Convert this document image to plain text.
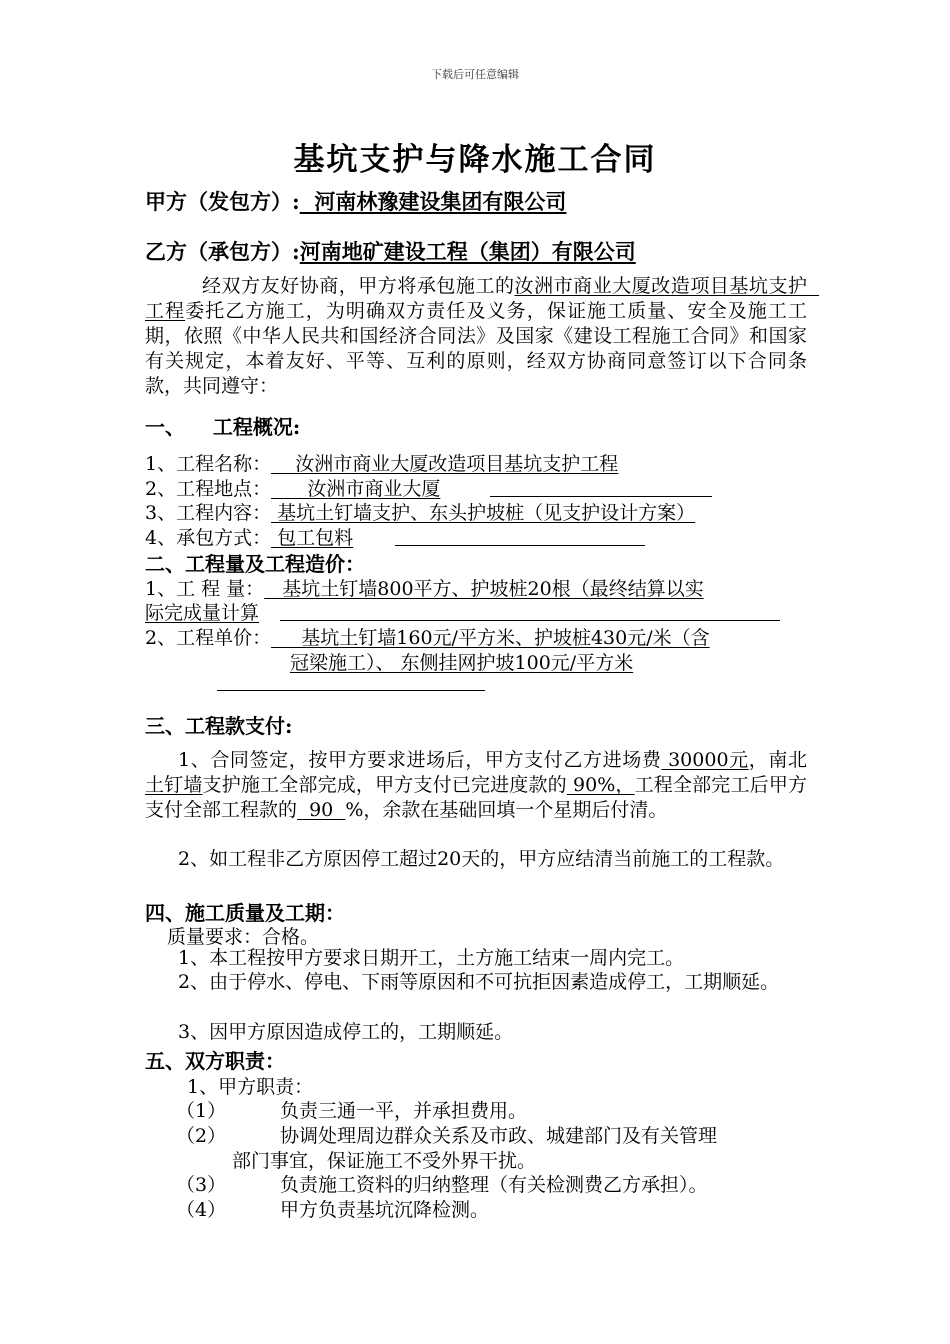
下载后可任意编辑
基坑支护与降水施工合同
甲方（发包方）:  河南林豫建设集团有限公司
乙方（承包方）:河南地矿建设工程（集团）有限公司
经双方友好协商，甲方将承包施工的汝洲市商业大厦改造项目基坑支护  工程委托乙方施工，为明确双方责任及义务，保证施工质量、安全及施工工期，依照《中华人民共和国经济合同法》及国家《建设工程施工合同》和国家有关规定，本着友好、平等、互利的原则，经双方协商同意签订以下合同条款，共同遵守：
一、    工程概况:
1、工程名称：    汝洲市商业大厦改造项目基坑支护工程
2、工程地点：      汝洲市商业大厦
3、工程内容： 基坑土钉墙支护、东头护坡桩（见支护设计方案）
4、承包方式： 包工包料
二、工程量及工程造价：
1、工 程 量：   基坑土钉墙800平方、护坡桩20根（最终结算以实
际完成量计算
2、工程单价：     基坑土钉墙160元/平方米、护坡桩430元/米（含
冠梁施工）、 东侧挂网护坡100元/平方米
三、工程款支付:
1、合同签定，按甲方要求进场后，甲方支付乙方进场费 30000元，南北土钉墙支护施工全部完成，甲方支付已完进度款的 90%，工程全部完工后甲方支付全部工程款的  90  %，余款在基础回填一个星期后付清。
2、如工程非乙方原因停工超过20天的，甲方应结清当前施工的工程款。
四、施工质量及工期：
质量要求：合格。
1、本工程按甲方要求日期开工，土方施工结束一周内完工。
2、由于停水、停电、下雨等原因和不可抗拒因素造成停工，工期顺延。
3、因甲方原因造成停工的，工期顺延。
五、双方职责：
1、甲方职责：
（1）	负责三通一平，并承担费用。
（2）	协调处理周边群众关系及市政、城建部门及有关管理
部门事宜，保证施工不受外界干扰。
（3）	负责施工资料的归纳整理（有关检测费乙方承担）。
（4）	甲方负责基坑沉降检测。
